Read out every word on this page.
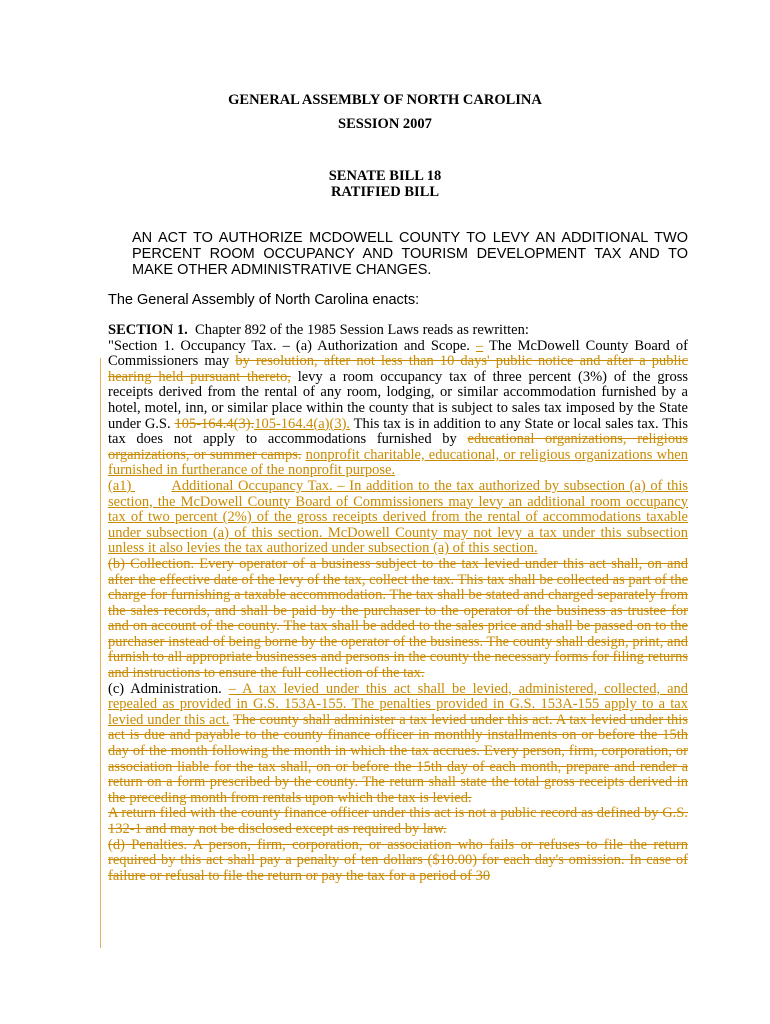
GENERAL ASSEMBLY OF NORTH CAROLINA
SESSION 2007
SENATE BILL 18
RATIFIED BILL
AN ACT TO AUTHORIZE MCDOWELL COUNTY TO LEVY AN ADDITIONAL TWO PERCENT ROOM OCCUPANCY AND TOURISM DEVELOPMENT TAX AND TO MAKE OTHER ADMINISTRATIVE CHANGES.
The General Assembly of North Carolina enacts:

SECTION 1. Chapter 892 of the 1985 Session Laws reads as rewritten:

"Section 1. Occupancy Tax. – (a) Authorization and Scope. – The McDowell County Board of Commissioners may by resolution, after not less than 10 days' public notice and after a public hearing held pursuant thereto, levy a room occupancy tax of three percent (3%) of the gross receipts derived from the rental of any room, lodging, or similar accommodation furnished by a hotel, motel, inn, or similar place within the county that is subject to sales tax imposed by the State under G.S. 105-164.4(3).105-164.4(a)(3). This tax is in addition to any State or local sales tax. This tax does not apply to accommodations furnished by educational organizations, religious organizations, or summer camps. nonprofit charitable, educational, or religious organizations when furnished in furtherance of the nonprofit purpose.

(a1)	Additional Occupancy Tax. – In addition to the tax authorized by subsection (a) of this section, the McDowell County Board of Commissioners may levy an additional room occupancy tax of two percent (2%) of the gross receipts derived from the rental of accommodations taxable under subsection (a) of this section. McDowell County may not levy a tax under this subsection unless it also levies the tax authorized under subsection (a) of this section.

(b) Collection. Every operator of a business subject to the tax levied under this act shall, on and after the effective date of the levy of the tax, collect the tax. This tax shall be collected as part of the charge for furnishing a taxable accommodation. The tax shall be stated and charged separately from the sales records, and shall be paid by the purchaser to the operator of the business as trustee for and on account of the county. The tax shall be added to the sales price and shall be passed on to the purchaser instead of being borne by the operator of the business. The county shall design, print, and furnish to all appropriate businesses and persons in the county the necessary forms for filing returns and instructions to ensure the full collection of the tax.

(c) Administration. – A tax levied under this act shall be levied, administered, collected, and repealed as provided in G.S. 153A-155. The penalties provided in G.S. 153A-155 apply to a tax levied under this act. The county shall administer a tax levied under this act. A tax levied under this act is due and payable to the county finance officer in monthly installments on or before the 15th day of the month following the month in which the tax accrues. Every person, firm, corporation, or association liable for the tax shall, on or before the 15th day of each month, prepare and render a return on a form prescribed by the county. The return shall state the total gross receipts derived in the preceding month from rentals upon which the tax is levied.

A return filed with the county finance officer under this act is not a public record as defined by G.S. 132-1 and may not be disclosed except as required by law.

(d) Penalties. A person, firm, corporation, or association who fails or refuses to file the return required by this act shall pay a penalty of ten dollars ($10.00) for each day's omission. In case of failure or refusal to file the return or pay the tax for a period of 30
